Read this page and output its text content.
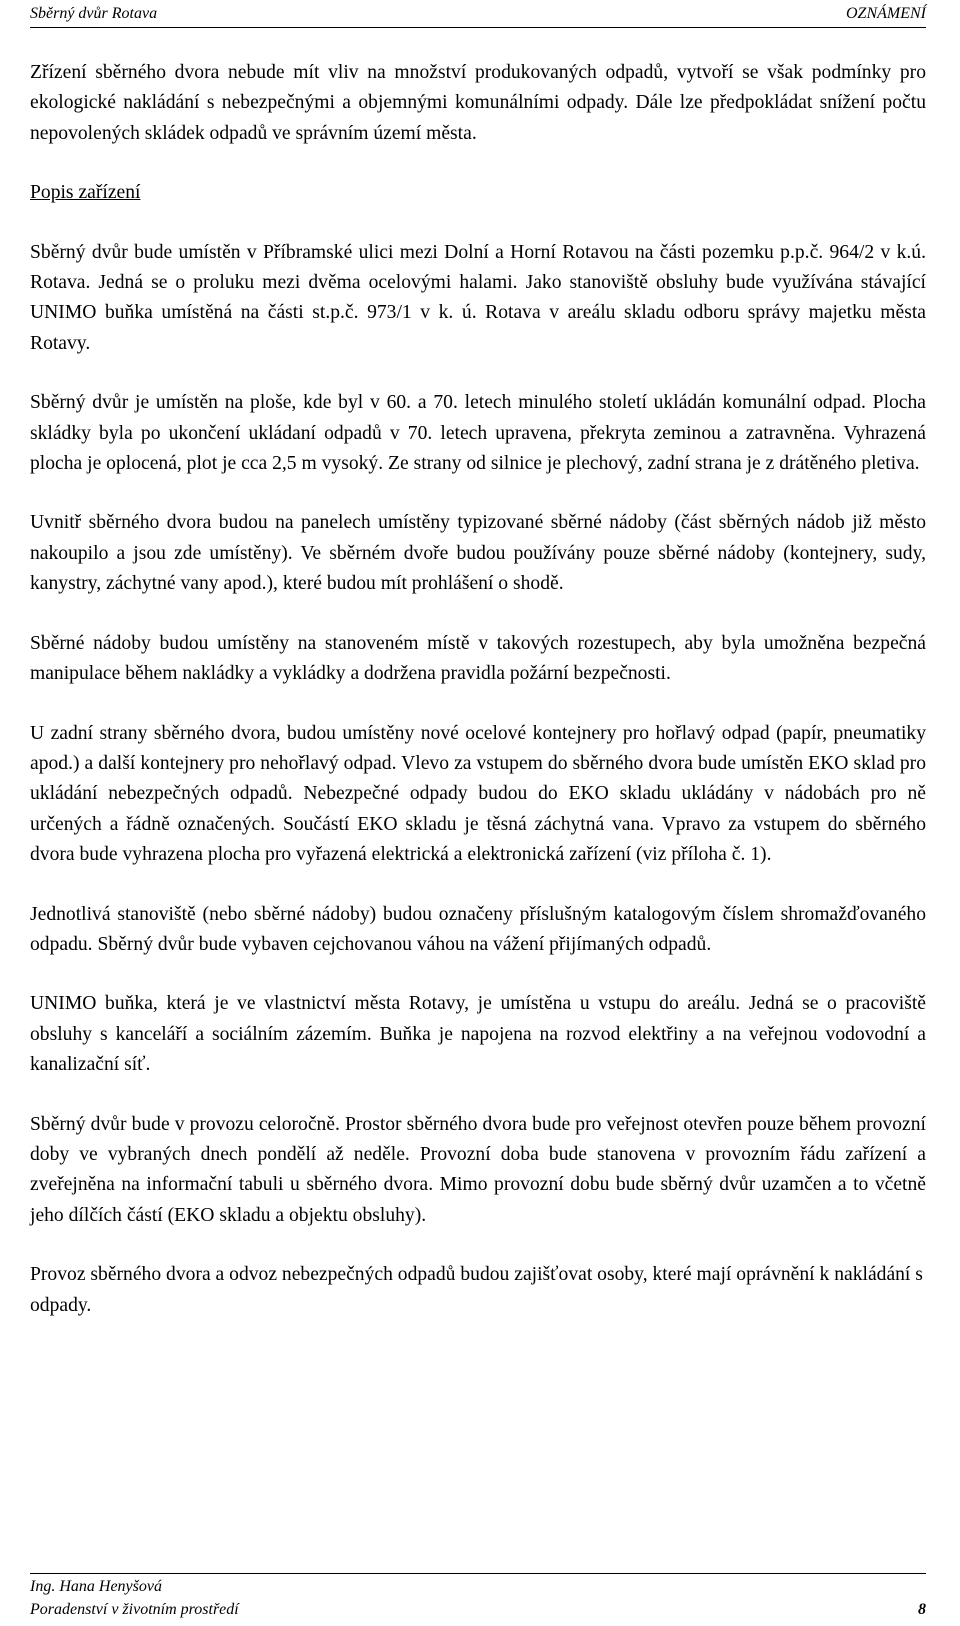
Sběrný dvůr Rotava	OZNÁMENÍ

Zřízení sběrného dvora nebude mít vliv na množství produkovaných odpadů, vytvoří se však podmínky pro ekologické nakládání s nebezpečnými a objemnými komunálními odpady. Dále lze předpokládat snížení počtu nepovolených skládek odpadů ve správním území města.

Popis zařízení

Sběrný dvůr bude umístěn v Příbramské ulici mezi Dolní a Horní Rotavou na části pozemku p.p.č. 964/2 v k.ú. Rotava. Jedná se o proluku mezi dvěma ocelovými halami. Jako stanoviště obsluhy bude využívána stávající UNIMO buňka umístěná na části st.p.č. 973/1 v k. ú. Rotava v areálu skladu odboru správy majetku města Rotavy.

Sběrný dvůr je umístěn na ploše, kde byl v 60. a 70. letech minulého století ukládán komunální odpad. Plocha skládky byla po ukončení ukládaní odpadů v 70. letech upravena, překryta zeminou a zatravněna. Vyhrazená plocha je oplocená, plot je cca 2,5 m vysoký. Ze strany od silnice je plechový, zadní strana je z drátěného pletiva.

Uvnitř sběrného dvora budou na panelech umístěny typizované sběrné nádoby (část sběrných nádob již město nakoupilo a jsou zde umístěny). Ve sběrném dvoře budou používány pouze sběrné nádoby (kontejnery, sudy, kanystry, záchytné vany apod.), které budou mít prohlášení o shodě.

Sběrné nádoby budou umístěny na stanoveném místě v takových rozestupech, aby byla umožněna bezpečná manipulace během nakládky a vykládky a dodržena pravidla požární bezpečnosti.

U zadní strany sběrného dvora, budou umístěny nové ocelové kontejnery pro hořlavý odpad (papír, pneumatiky apod.) a další kontejnery pro nehořlavý odpad. Vlevo za vstupem do sběrného dvora bude umístěn EKO sklad pro ukládání nebezpečných odpadů. Nebezpečné odpady budou do EKO skladu ukládány v nádobách pro ně určených a řádně označených. Součástí EKO skladu je těsná záchytná vana. Vpravo za vstupem do sběrného dvora bude vyhrazena plocha pro vyřazená elektrická a elektronická zařízení (viz příloha č. 1).

Jednotlivá stanoviště (nebo sběrné nádoby) budou označeny příslušným katalogovým číslem shromažďovaného odpadu. Sběrný dvůr bude vybaven cejchovanou váhou na vážení přijímaných odpadů.

UNIMO buňka, která je ve vlastnictví města Rotavy, je umístěna u vstupu do areálu. Jedná se o pracoviště obsluhy s kanceláří a sociálním zázemím. Buňka je napojena na rozvod elektřiny a na veřejnou vodovodní a kanalizační síť.

Sběrný dvůr bude v provozu celoročně. Prostor sběrného dvora bude pro veřejnost otevřen pouze během provozní doby ve vybraných dnech pondělí až neděle. Provozní doba bude stanovena v provozním řádu zařízení a zveřejněna na informační tabuli u sběrného dvora. Mimo provozní dobu bude sběrný dvůr uzamčen a to včetně jeho dílčích částí (EKO skladu a objektu obsluhy).

Provoz sběrného dvora a odvoz nebezpečných odpadů budou zajišťovat osoby, které mají oprávnění k nakládání s odpady.

Ing. Hana Henyšová
Poradenství v životním prostředí	8
